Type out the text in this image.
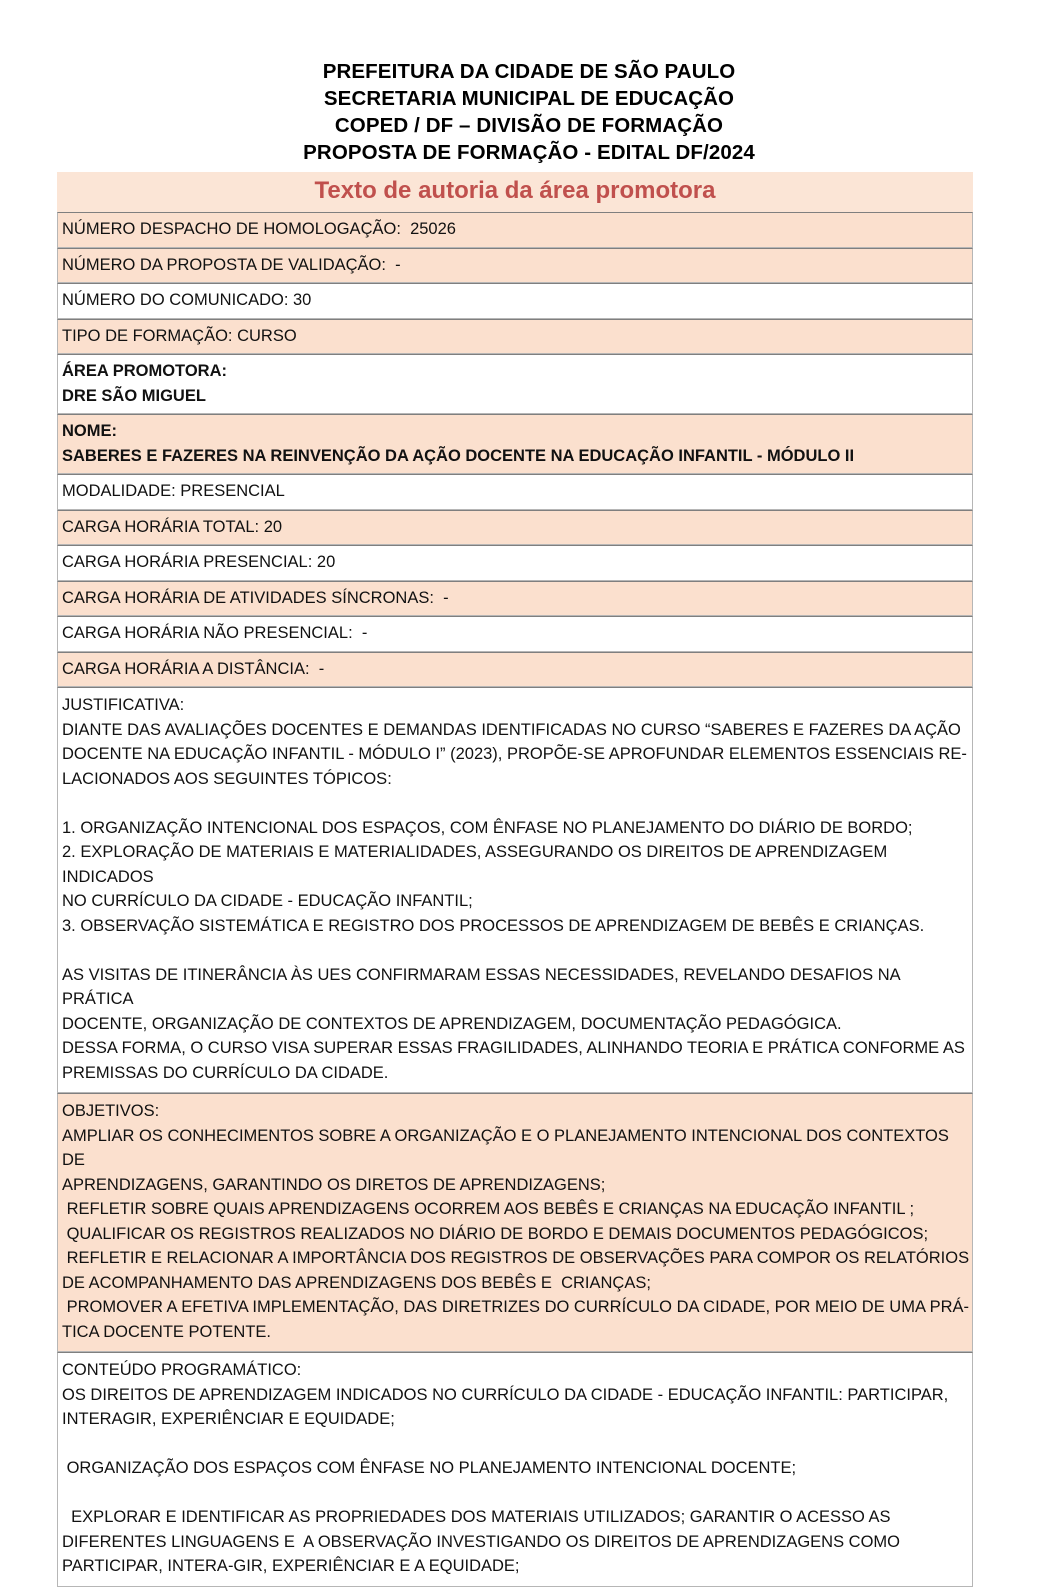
PREFEITURA DA CIDADE DE SÃO PAULO
SECRETARIA MUNICIPAL DE EDUCAÇÃO
COPED / DF – DIVISÃO DE FORMAÇÃO
PROPOSTA DE FORMAÇÃO - EDITAL DF/2024
Texto de autoria da área promotora
NÚMERO DESPACHO DE HOMOLOGAÇÃO:  25026
NÚMERO DA PROPOSTA DE VALIDAÇÃO:  -
NÚMERO DO COMUNICADO: 30
TIPO DE FORMAÇÃO: CURSO
ÁREA PROMOTORA:
DRE SÃO MIGUEL
NOME:
SABERES E FAZERES NA REINVENÇÃO DA AÇÃO DOCENTE NA EDUCAÇÃO INFANTIL - MÓDULO II
MODALIDADE: PRESENCIAL
CARGA HORÁRIA TOTAL: 20
CARGA HORÁRIA PRESENCIAL: 20
CARGA HORÁRIA DE ATIVIDADES SÍNCRONAS:  -
CARGA HORÁRIA NÃO PRESENCIAL:  -
CARGA HORÁRIA A DISTÂNCIA:  -
JUSTIFICATIVA:
DIANTE DAS AVALIAÇÕES DOCENTES E DEMANDAS IDENTIFICADAS NO CURSO “SABERES E FAZERES DA AÇÃO
DOCENTE NA EDUCAÇÃO INFANTIL - MÓDULO I” (2023), PROPÕE-SE APROFUNDAR ELEMENTOS ESSENCIAIS RE-
LACIONADOS AOS SEGUINTES TÓPICOS:

1. ORGANIZAÇÃO INTENCIONAL DOS ESPAÇOS, COM ÊNFASE NO PLANEJAMENTO DO DIÁRIO DE BORDO;
2. EXPLORAÇÃO DE MATERIAIS E MATERIALIDADES, ASSEGURANDO OS DIREITOS DE APRENDIZAGEM INDICADOS
NO CURRÍCULO DA CIDADE - EDUCAÇÃO INFANTIL;
3. OBSERVAÇÃO SISTEMÁTICA E REGISTRO DOS PROCESSOS DE APRENDIZAGEM DE BEBÊS E CRIANÇAS.

AS VISITAS DE ITINERÂNCIA ÀS UES CONFIRMARAM ESSAS NECESSIDADES, REVELANDO DESAFIOS NA PRÁTICA
DOCENTE, ORGANIZAÇÃO DE CONTEXTOS DE APRENDIZAGEM, DOCUMENTAÇÃO PEDAGÓGICA.
DESSA FORMA, O CURSO VISA SUPERAR ESSAS FRAGILIDADES, ALINHANDO TEORIA E PRÁTICA CONFORME AS
PREMISSAS DO CURRÍCULO DA CIDADE.
OBJETIVOS:
AMPLIAR OS CONHECIMENTOS SOBRE A ORGANIZAÇÃO E O PLANEJAMENTO INTENCIONAL DOS CONTEXTOS DE
APRENDIZAGENS, GARANTINDO OS DIRETOS DE APRENDIZAGENS;
REFLETIR SOBRE QUAIS APRENDIZAGENS OCORREM AOS BEBÊS E CRIANÇAS NA EDUCAÇÃO INFANTIL ;
QUALIFICAR OS REGISTROS REALIZADOS NO DIÁRIO DE BORDO E DEMAIS DOCUMENTOS PEDAGÓGICOS;
REFLETIR E RELACIONAR A IMPORTÂNCIA DOS REGISTROS DE OBSERVAÇÕES PARA COMPOR OS RELATÓRIOS
DE ACOMPANHAMENTO DAS APRENDIZAGENS DOS BEBÊS E  CRIANÇAS;
PROMOVER A EFETIVA IMPLEMENTAÇÃO, DAS DIRETRIZES DO CURRÍCULO DA CIDADE, POR MEIO DE UMA PRÁ-
TICA DOCENTE POTENTE.
CONTEÚDO PROGRAMÁTICO:
OS DIREITOS DE APRENDIZAGEM INDICADOS NO CURRÍCULO DA CIDADE - EDUCAÇÃO INFANTIL: PARTICIPAR,
INTERAGIR, EXPERIÊNCIAR E EQUIDADE;

ORGANIZAÇÃO DOS ESPAÇOS COM ÊNFASE NO PLANEJAMENTO INTENCIONAL DOCENTE;

EXPLORAR E IDENTIFICAR AS PROPRIEDADES DOS MATERIAIS UTILIZADOS; GARANTIR O ACESSO AS
DIFERENTES LINGUAGENS E  A OBSERVAÇÃO INVESTIGANDO OS DIREITOS DE APRENDIZAGENS COMO
PARTICIPAR, INTERA-GIR, EXPERIÊNCIAR E A EQUIDADE;
